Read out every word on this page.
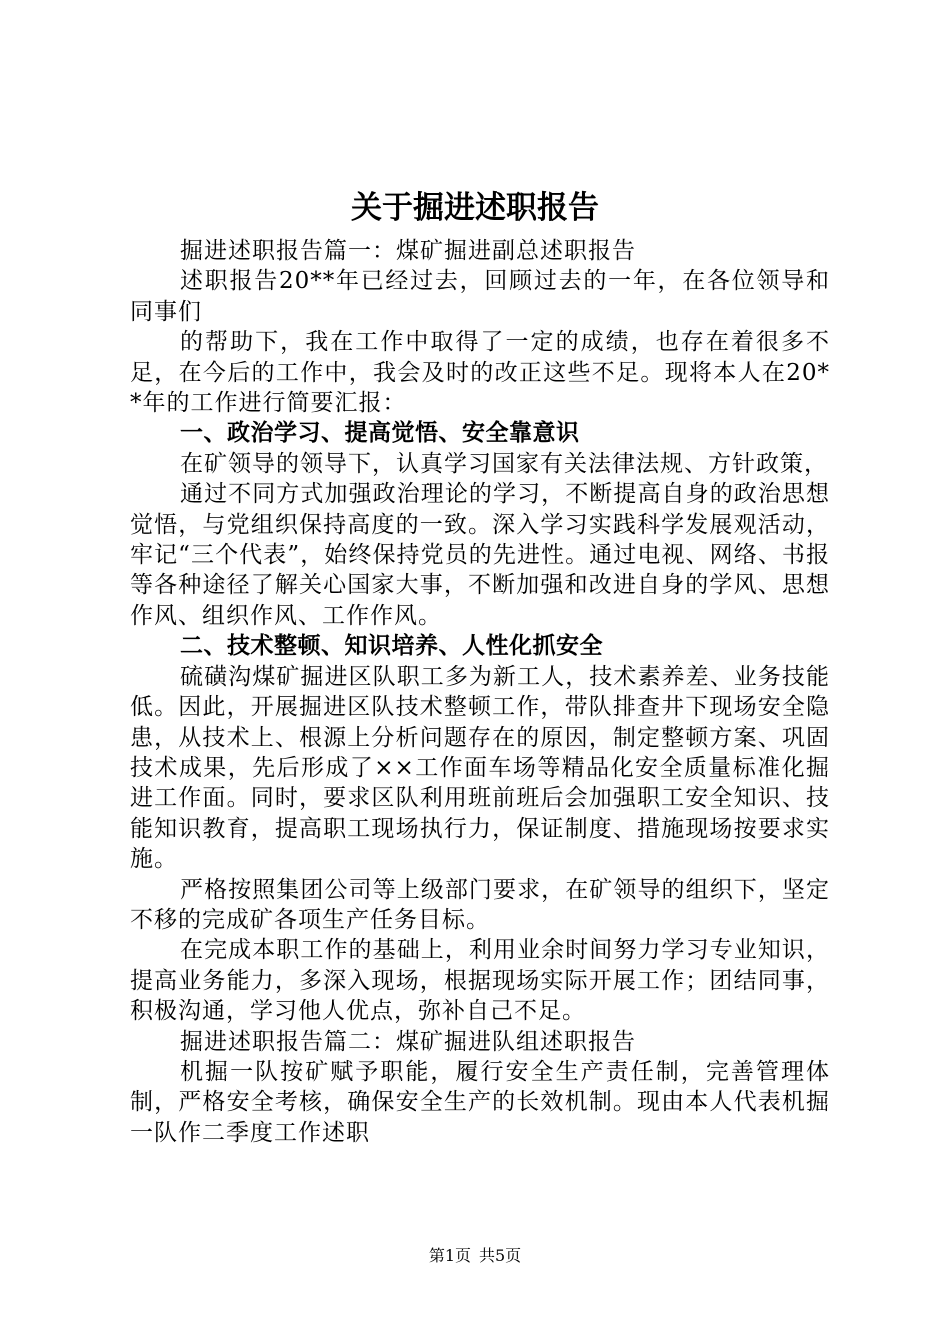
关于掘进述职报告

掘进述职报告篇一：煤矿掘进副总述职报告

述职报告20**年已经过去，回顾过去的一年，在各位领导和同事们

的帮助下，我在工作中取得了一定的成绩，也存在着很多不足，在今后的工作中，我会及时的改正这些不足。现将本人在20**年的工作进行简要汇报：

一、政治学习、提高觉悟、安全靠意识

在矿领导的领导下，认真学习国家有关法律法规、方针政策，

通过不同方式加强政治理论的学习，不断提高自身的政治思想觉悟，与党组织保持高度的一致。深入学习实践科学发展观活动，牢记“三个代表”，始终保持党员的先进性。通过电视、网络、书报等各种途径了解关心国家大事，不断加强和改进自身的学风、思想作风、组织作风、工作作风。

二、技术整顿、知识培养、人性化抓安全

硫磺沟煤矿掘进区队职工多为新工人，技术素养差、业务技能低。因此，开展掘进区队技术整顿工作，带队排查井下现场安全隐患，从技术上、根源上分析问题存在的原因，制定整顿方案、巩固技术成果，先后形成了××工作面车场等精品化安全质量标准化掘进工作面。同时，要求区队利用班前班后会加强职工安全知识、技能知识教育，提高职工现场执行力，保证制度、措施现场按要求实施。

严格按照集团公司等上级部门要求，在矿领导的组织下，坚定不移的完成矿各项生产任务目标。

在完成本职工作的基础上，利用业余时间努力学习专业知识，提高业务能力，多深入现场，根据现场实际开展工作；团结同事，积极沟通，学习他人优点，弥补自己不足。

掘进述职报告篇二：煤矿掘进队组述职报告

机掘一队按矿赋予职能，履行安全生产责任制，完善管理体制，严格安全考核，确保安全生产的长效机制。现由本人代表机掘一队作二季度工作述职

第1页 共5页
